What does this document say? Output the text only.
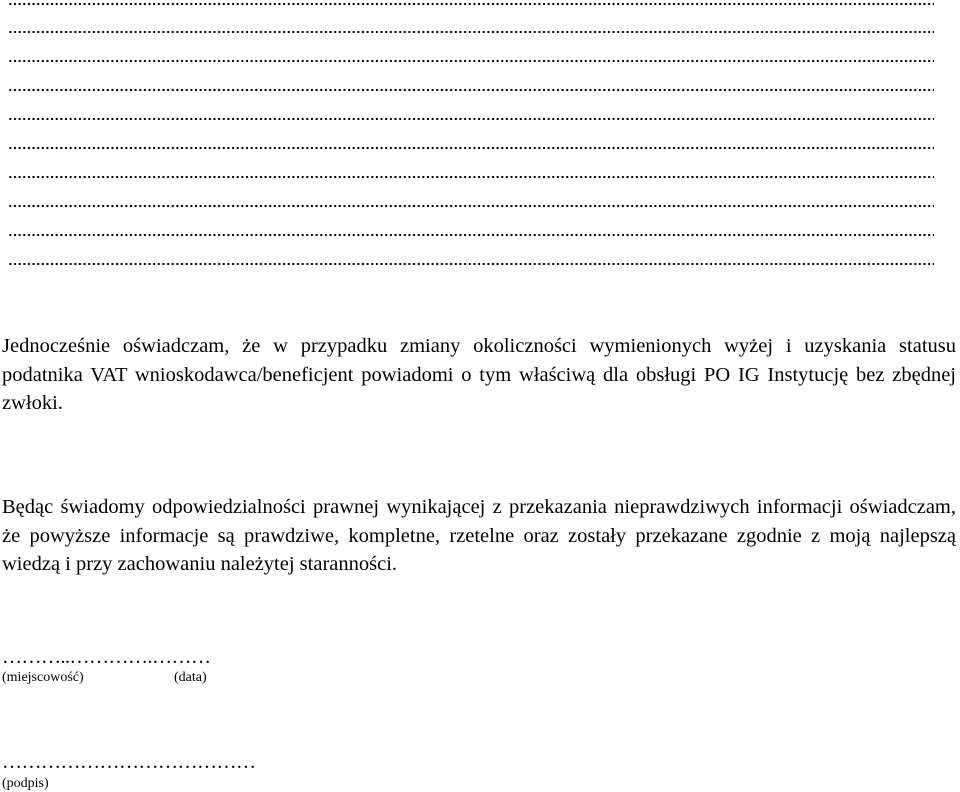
Jednocześnie oświadczam, że w przypadku zmiany okoliczności wymienionych wyżej i uzyskania statusu podatnika VAT wnioskodawca/beneficjent powiadomi o tym właściwą dla obsługi PO IG Instytucję bez zbędnej zwłoki.

Będąc świadomy odpowiedzialności prawnej wynikającej z przekazania nieprawdziwych informacji oświadczam, że powyższe informacje są prawdziwe, kompletne, rzetelne oraz zostały przekazane zgodnie z moją najlepszą wiedzą i przy zachowaniu należytej staranności.

………..………….………
(miejscowość)	(data)
…………………………………
(podpis)
